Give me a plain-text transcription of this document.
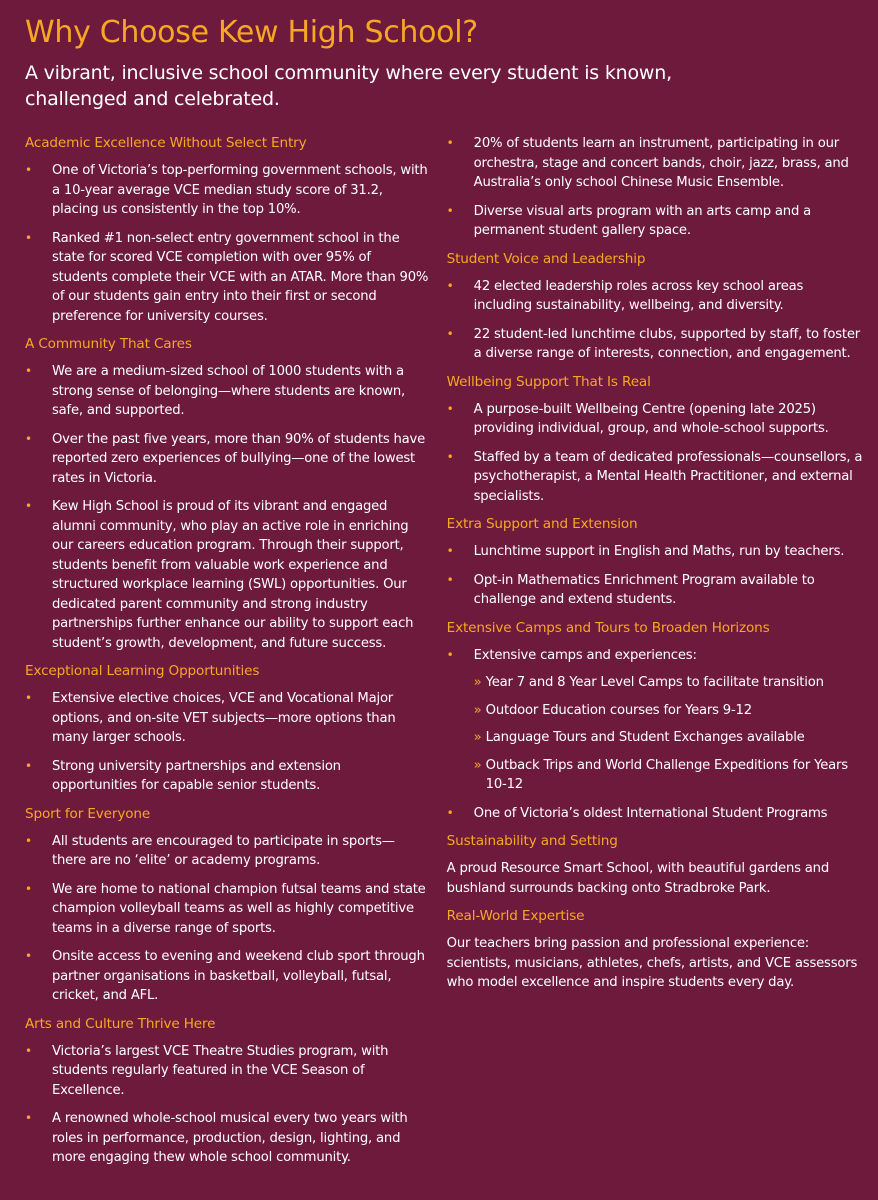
Why Choose Kew High School?

A vibrant, inclusive school community where every student is known, challenged and celebrated.

Academic Excellence Without Select Entry
• One of Victoria’s top-performing government schools, with a 10-year average VCE median study score of 31.2, placing us consistently in the top 10%.
• Ranked #1 non-select entry government school in the state for scored VCE completion with over 95% of students complete their VCE with an ATAR. More than 90% of our students gain entry into their first or second preference for university courses.
A Community That Cares
• We are a medium-sized school of 1000 students with a strong sense of belonging—where students are known, safe, and supported.
• Over the past five years, more than 90% of students have reported zero experiences of bullying—one of the lowest rates in Victoria.
• Kew High School is proud of its vibrant and engaged alumni community, who play an active role in enriching our careers education program. Through their support, students benefit from valuable work experience and structured workplace learning (SWL) opportunities. Our dedicated parent community and strong industry partnerships further enhance our ability to support each student’s growth, development, and future success.
Exceptional Learning Opportunities
• Extensive elective choices, VCE and Vocational Major options, and on-site VET subjects—more options than many larger schools.
• Strong university partnerships and extension opportunities for capable senior students.
Sport for Everyone
• All students are encouraged to participate in sports—there are no ‘elite’ or academy programs.
• We are home to national champion futsal teams and state champion volleyball teams as well as highly competitive teams in a diverse range of sports.
• Onsite access to evening and weekend club sport through partner organisations in basketball, volleyball, futsal, cricket, and AFL.
Arts and Culture Thrive Here
• Victoria’s largest VCE Theatre Studies program, with students regularly featured in the VCE Season of Excellence.
• A renowned whole-school musical every two years with roles in performance, production, design, lighting, and more engaging thew whole school community.
• 20% of students learn an instrument, participating in our orchestra, stage and concert bands, choir, jazz, brass, and Australia’s only school Chinese Music Ensemble.
• Diverse visual arts program with an arts camp and a permanent student gallery space.
Student Voice and Leadership
• 42 elected leadership roles across key school areas including sustainability, wellbeing, and diversity.
• 22 student-led lunchtime clubs, supported by staff, to foster a diverse range of interests, connection, and engagement.
Wellbeing Support That Is Real
• A purpose-built Wellbeing Centre (opening late 2025) providing individual, group, and whole-school supports.
• Staffed by a team of dedicated professionals—counsellors, a psychotherapist, a Mental Health Practitioner, and external specialists.
Extra Support and Extension
• Lunchtime support in English and Maths, run by teachers.
• Opt-in Mathematics Enrichment Program available to challenge and extend students.
Extensive Camps and Tours to Broaden Horizons
• Extensive camps and experiences:
» Year 7 and 8 Year Level Camps to facilitate transition
» Outdoor Education courses for Years 9-12
» Language Tours and Student Exchanges available
» Outback Trips and World Challenge Expeditions for Years 10-12
• One of Victoria’s oldest International Student Programs
Sustainability and Setting

A proud Resource Smart School, with beautiful gardens and bushland surrounds backing onto Stradbroke Park.

Real-World Expertise

Our teachers bring passion and professional experience: scientists, musicians, athletes, chefs, artists, and VCE assessors who model excellence and inspire students every day.
